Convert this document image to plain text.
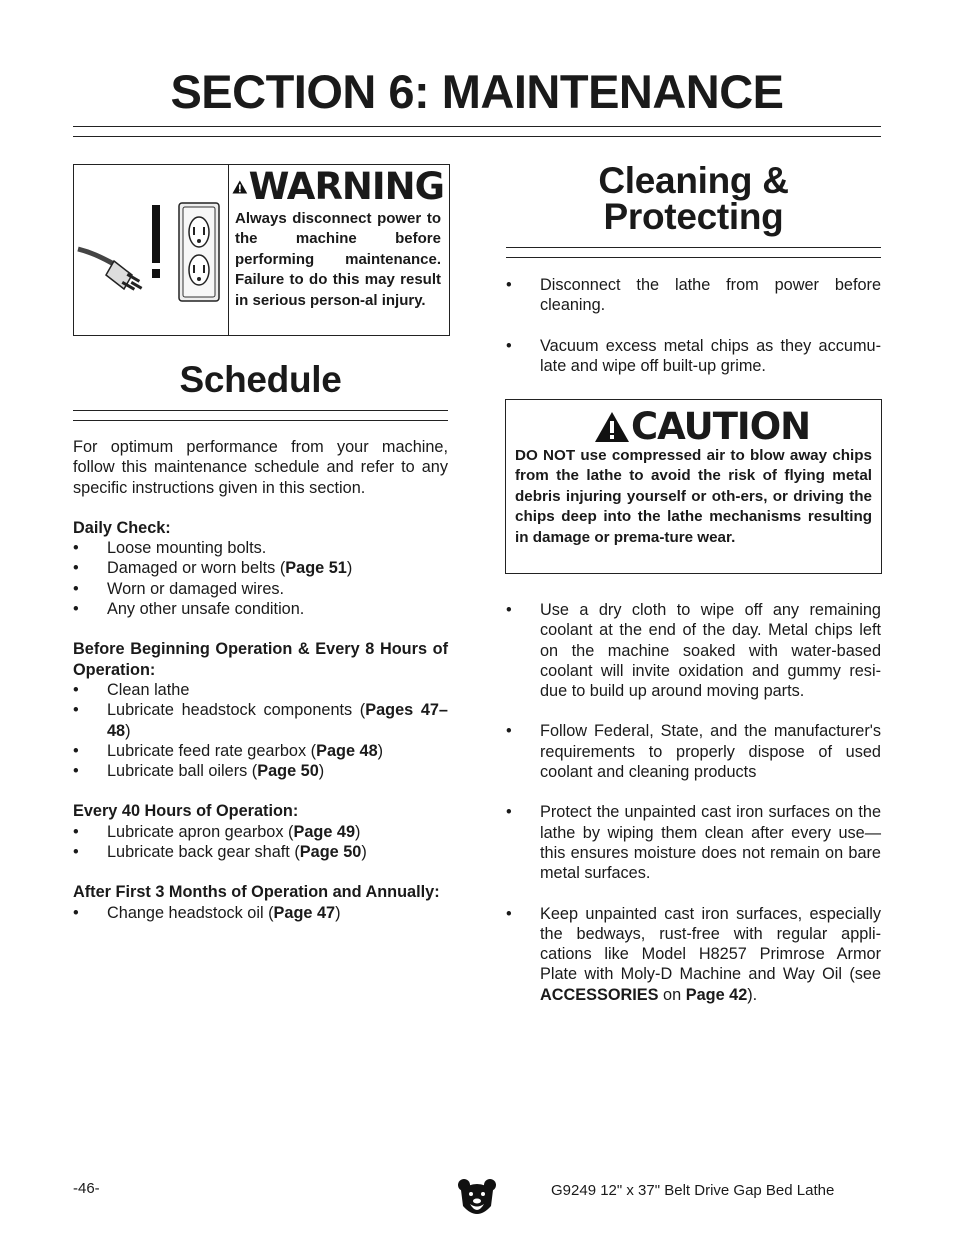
SECTION 6: MAINTENANCE
WARNING
Always disconnect power to the machine before performing maintenance. Failure to do this may result in serious person-al injury.
Schedule

For optimum performance from your machine, follow this maintenance schedule and refer to any specific instructions given in this section.

Daily Check:

• Loose mounting bolts.
• Damaged or worn belts (Page 51)
• Worn or damaged wires.
• Any other unsafe condition.

Before Beginning Operation & Every 8 Hours of Operation:

• Clean lathe
• Lubricate headstock components (Pages 47–48)
• Lubricate feed rate gearbox (Page 48)
• Lubricate ball oilers (Page 50)

Every 40 Hours of Operation:

• Lubricate apron gearbox (Page 49)
• Lubricate back gear shaft (Page 50)

After First 3 Months of Operation and Annually:

• Change headstock oil (Page 47)
Cleaning &
Protecting
• Disconnect the lathe from power before cleaning.
• Vacuum excess metal chips as they accumu-late and wipe off built-up grime.
CAUTION
DO NOT use compressed air to blow away chips from the lathe to avoid the risk of flying metal debris injuring yourself or oth-ers, or driving the chips deep into the lathe mechanisms resulting in damage or prema-ture wear.
• Use a dry cloth to wipe off any remaining coolant at the end of the day. Metal chips left on the machine soaked with water-based coolant will invite oxidation and gummy resi-due to build up around moving parts.
• Follow Federal, State, and the manufacturer's requirements to properly dispose of used coolant and cleaning products
• Protect the unpainted cast iron surfaces on the lathe by wiping them clean after every use—this ensures moisture does not remain on bare metal surfaces.
• Keep unpainted cast iron surfaces, especially the bedways, rust-free with regular appli-cations like Model H8257 Primrose Armor Plate with Moly-D Machine and Way Oil (see ACCESSORIES on Page 42).
-46-	G9249 12" x 37" Belt Drive Gap Bed Lathe
